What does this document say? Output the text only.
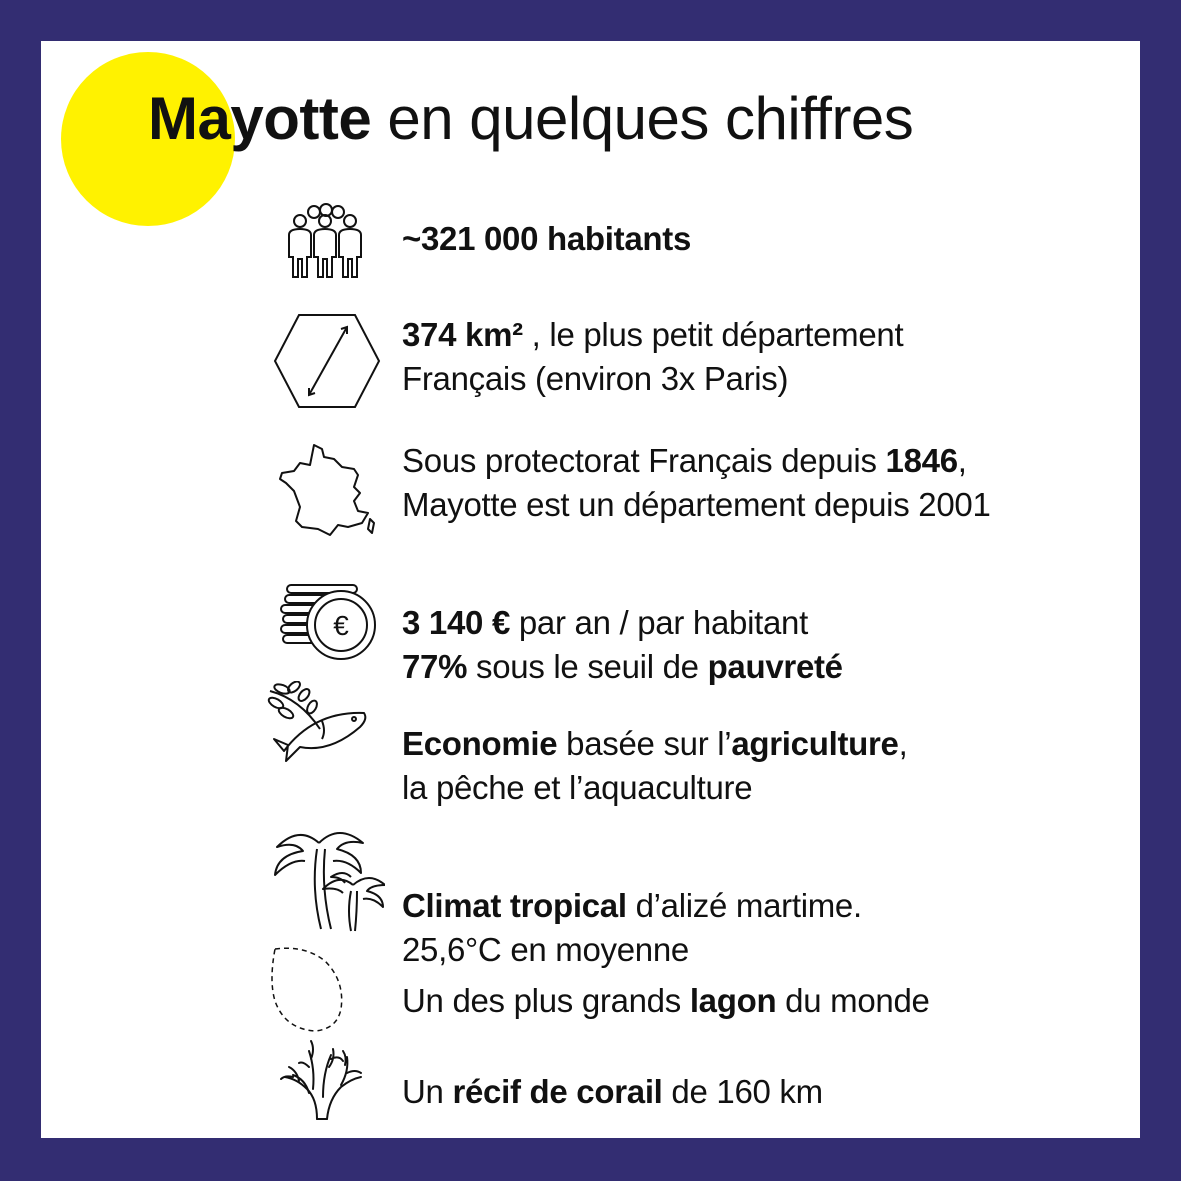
Mayotte en quelques chiffres
~321 000 habitants
374 km² , le plus petit département
Français (environ 3x Paris)
Sous protectorat Français depuis 1846,
Mayotte est un département depuis 2001
€ 3 140 € par an / par habitant
77% sous le seuil de pauvreté
Economie basée sur l’agriculture,
la pêche et l’aquaculture
Climat tropical d’alizé martime.
25,6°C en moyenne
Un des plus grands lagon du monde
Un récif de corail de 160 km
